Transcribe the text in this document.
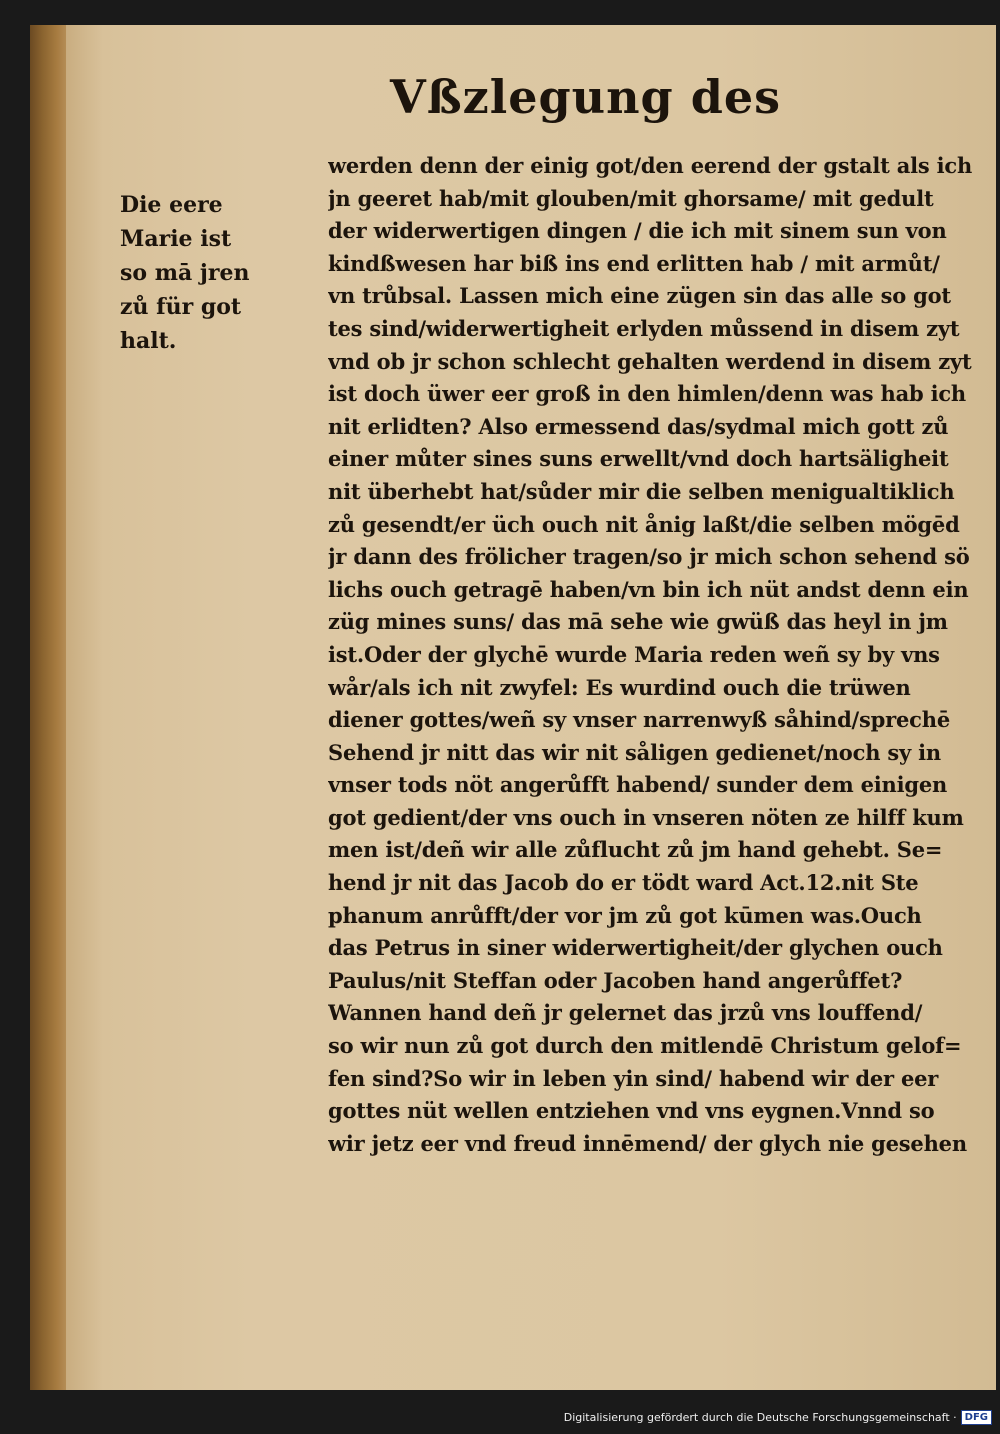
Vßzlegung des
Die eere
Marie ist
so mā jren
zů für got
halt.
werden denn der einig got/den eerend der gstalt als ich
jn geeret hab/mit glouben/mit ghorsame/ mit gedult
der widerwertigen dingen / die ich mit sinem sun von
kindßwesen har biß ins end erlitten hab / mit armůt/
vn trůbsal. Lassen mich eine zügen sin das alle so got
tes sind/widerwertigheit erlyden můssend in disem zyt
vnd ob jr schon schlecht gehalten werdend in disem zyt
ist doch üwer eer groß in den himlen/denn was hab ich
nit erlidten? Also ermessend das/sydmal mich gott zů
einer můter sines suns erwellt/vnd doch hartsäligheit
nit überhebt hat/sůder mir die selben menigualtiklich
zů gesendt/er üch ouch nit ånig laßt/die selben mögēd
jr dann des frölicher tragen/so jr mich schon sehend sö
lichs ouch getragē haben/vn bin ich nüt andst denn ein
züg mines suns/ das mā sehe wie gwüß das heyl in jm
ist.Oder der glychē wurde Maria reden weñ sy by vns
wår/als ich nit zwyfel: Es wurdind ouch die trüwen
diener gottes/weñ sy vnser narrenwyß såhind/sprechē
Sehend jr nitt das wir nit såligen gedienet/noch sy in
vnser tods nöt angerůfft habend/ sunder dem einigen
got gedient/der vns ouch in vnseren nöten ze hilff kum
men ist/deñ wir alle zůflucht zů jm hand gehebt. Se=
hend jr nit das Jacob do er tödt ward Act.12.nit Ste
phanum anrůfft/der vor jm zů got kūmen was.Ouch
das Petrus in siner widerwertigheit/der glychen ouch
Paulus/nit Steffan oder Jacoben hand angerůffet?
Wannen hand deñ jr gelernet das jrzů vns louffend/
so wir nun zů got durch den mitlendē Christum gelof=
fen sind?So wir in leben yin sind/ habend wir der eer
gottes nüt wellen entziehen vnd vns eygnen.Vnnd so
wir jetz eer vnd freud innēmend/ der glych nie gesehen
Digitalisierung gefördert durch die Deutsche Forschungsgemeinschaft · DFG
